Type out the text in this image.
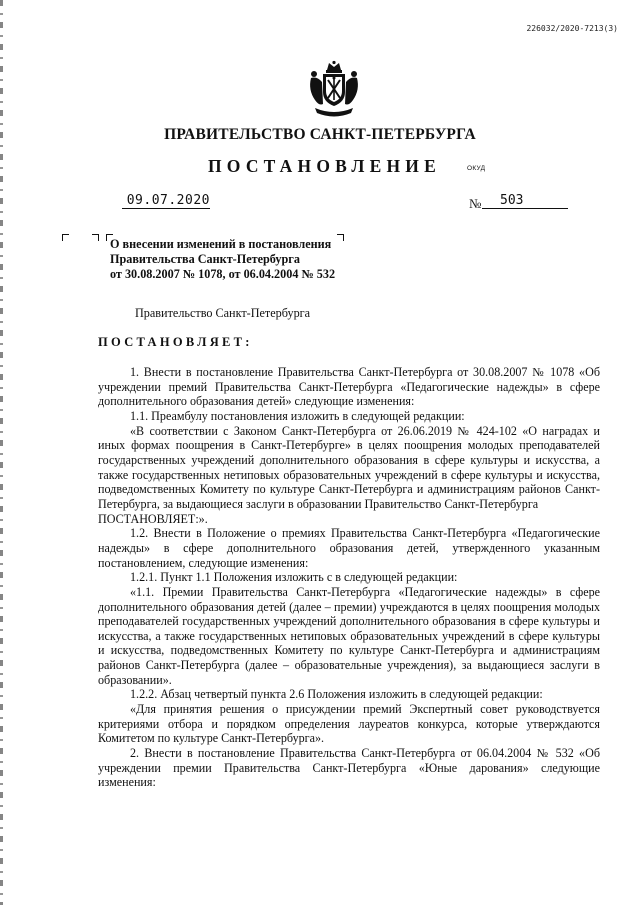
226032/2020-7213(3)
ПРАВИТЕЛЬСТВО САНКТ-ПЕТЕРБУРГА
ПОСТАНОВЛЕНИЕ	ОКУД
09.07.2020	№	503
О внесении изменений в постановления
Правительства Санкт-Петербурга
от 30.08.2007 № 1078, от 06.04.2004 № 532
Правительство Санкт-Петербурга
ПОСТАНОВЛЯЕТ:

1. Внести в постановление Правительства Санкт-Петербурга от 30.08.2007 № 1078 «Об учреждении премий Правительства Санкт-Петербурга «Педагогические надежды» в сфере дополнительного образования детей» следующие изменения:

1.1. Преамбулу постановления изложить в следующей редакции:

«В соответствии с Законом Санкт-Петербурга от 26.06.2019 № 424-102 «О наградах и иных формах поощрения в Санкт-Петербурге» в целях поощрения молодых преподавателей государственных учреждений дополнительного образования в сфере культуры и искусства, а также государственных нетиповых образовательных учреждений в сфере культуры и искусства, подведомственных Комитету по культуре Санкт-Петербурга и администрациям районов Санкт-Петербурга, за выдающиеся заслуги в образовании Правительство Санкт-Петербурга

ПОСТАНОВЛЯЕТ:».

1.2. Внести в Положение о премиях Правительства Санкт-Петербурга «Педагогические надежды» в сфере дополнительного образования детей, утвержденного указанным постановлением, следующие изменения:

1.2.1. Пункт 1.1 Положения изложить с в следующей редакции:

«1.1. Премии Правительства Санкт-Петербурга «Педагогические надежды» в сфере дополнительного образования детей (далее – премии) учреждаются в целях поощрения молодых преподавателей государственных учреждений дополнительного образования в сфере культуры и искусства, а также государственных нетиповых образовательных учреждений в сфере культуры и искусства, подведомственных Комитету по культуре Санкт-Петербурга и администрациям районов Санкт-Петербурга (далее – образовательные учреждения), за выдающиеся заслуги в образовании».

1.2.2. Абзац четвертый пункта 2.6 Положения изложить в следующей редакции:

«Для принятия решения о присуждении премий Экспертный совет руководствуется критериями отбора и порядком определения лауреатов конкурса, которые утверждаются Комитетом по культуре Санкт-Петербурга».

2. Внести в постановление Правительства Санкт-Петербурга от 06.04.2004 № 532 «Об учреждении премии Правительства Санкт-Петербурга «Юные дарования» следующие изменения:
